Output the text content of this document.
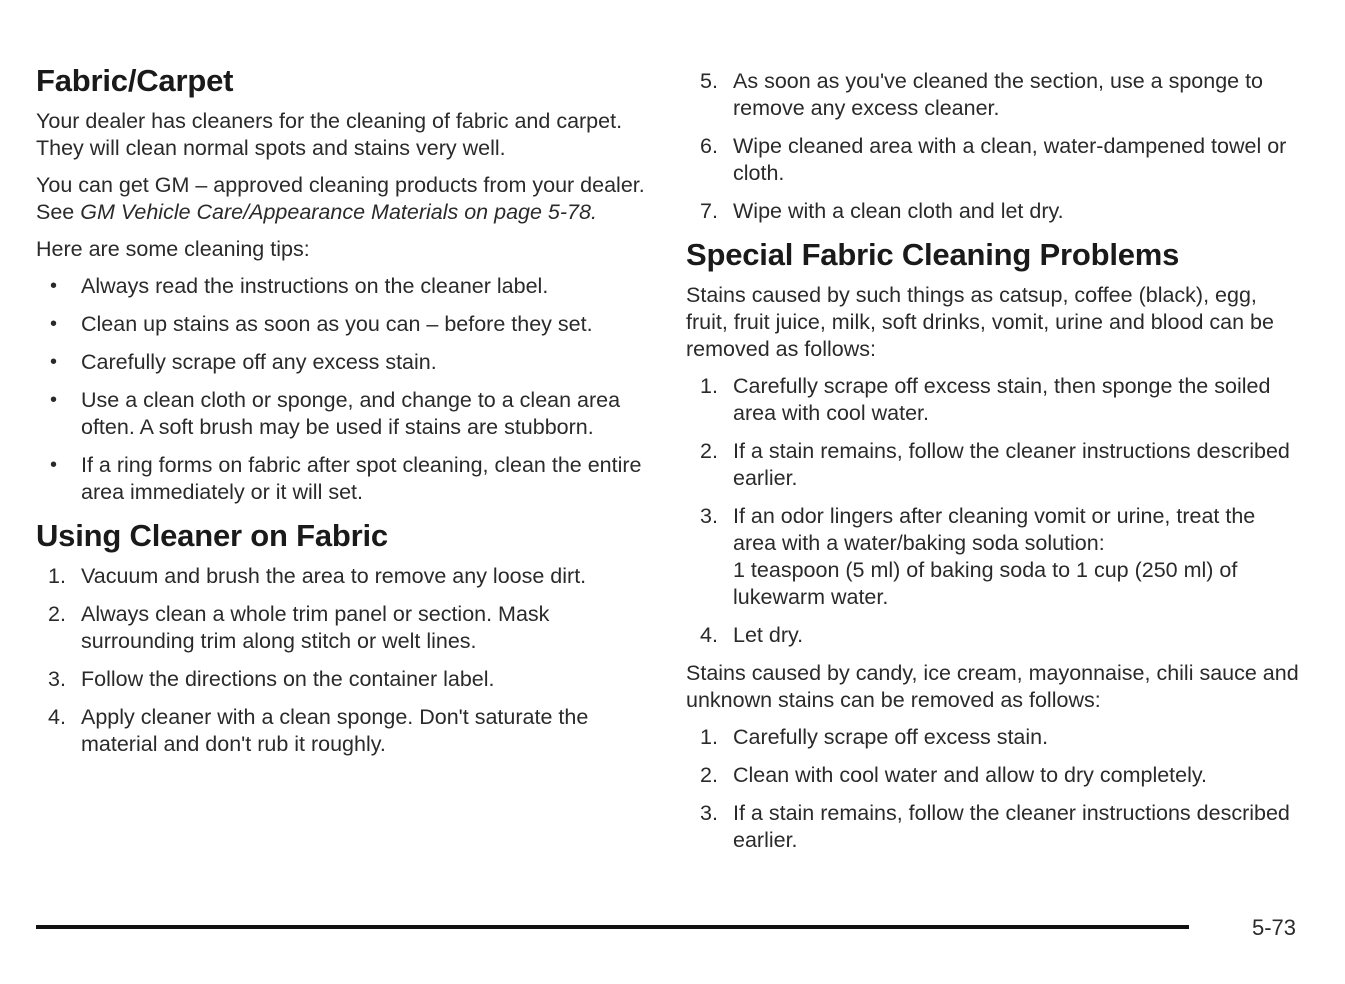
Fabric/Carpet

Your dealer has cleaners for the cleaning of fabric and carpet. They will clean normal spots and stains very well.

You can get GM – approved cleaning products from your dealer. See GM Vehicle Care/Appearance Materials on page 5-78.

Here are some cleaning tips:

• Always read the instructions on the cleaner label.
• Clean up stains as soon as you can – before they set.
• Carefully scrape off any excess stain.
• Use a clean cloth or sponge, and change to a clean area often. A soft brush may be used if stains are stubborn.
• If a ring forms on fabric after spot cleaning, clean the entire area immediately or it will set.
Using Cleaner on Fabric
1. Vacuum and brush the area to remove any loose dirt.
2. Always clean a whole trim panel or section. Mask surrounding trim along stitch or welt lines.
3. Follow the directions on the container label.
4. Apply cleaner with a clean sponge. Don't saturate the material and don't rub it roughly.
5. As soon as you've cleaned the section, use a sponge to remove any excess cleaner.
6. Wipe cleaned area with a clean, water-dampened towel or cloth.
7. Wipe with a clean cloth and let dry.
Special Fabric Cleaning Problems

Stains caused by such things as catsup, coffee (black), egg, fruit, fruit juice, milk, soft drinks, vomit, urine and blood can be removed as follows:

1. Carefully scrape off excess stain, then sponge the soiled area with cool water.
2. If a stain remains, follow the cleaner instructions described earlier.
3. If an odor lingers after cleaning vomit or urine, treat the area with a water/baking soda solution:
1 teaspoon (5 ml) of baking soda to 1 cup (250 ml) of lukewarm water.
4. Let dry.

Stains caused by candy, ice cream, mayonnaise, chili sauce and unknown stains can be removed as follows:

1. Carefully scrape off excess stain.
2. Clean with cool water and allow to dry completely.
3. If a stain remains, follow the cleaner instructions described earlier.
5-73
